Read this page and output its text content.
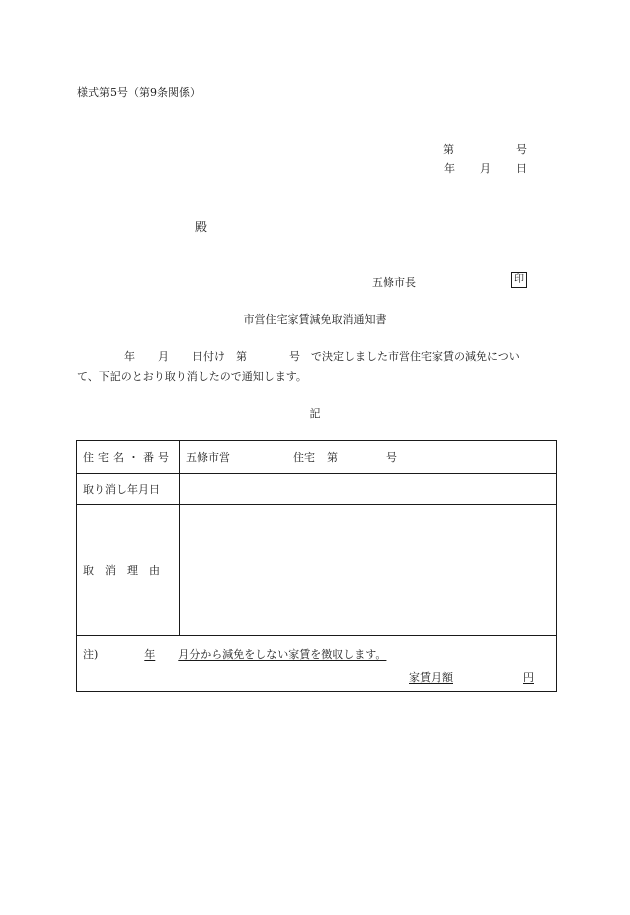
様式第5号（第9条関係）
第	号
年 月 日
殿
五條市長	印
市営住宅家賃減免取消通知書
年 月 日付け 第	号　で決定しました市営住宅家賃の減免につい
て、下記のとおり取り消したので通知します。
記
住宅名・番号	五條市営 住宅 第 号
取り消し年月日	
取消理由	

注) 年 月分から減免をしない家賃を徴収します。
家賃月額 円	
